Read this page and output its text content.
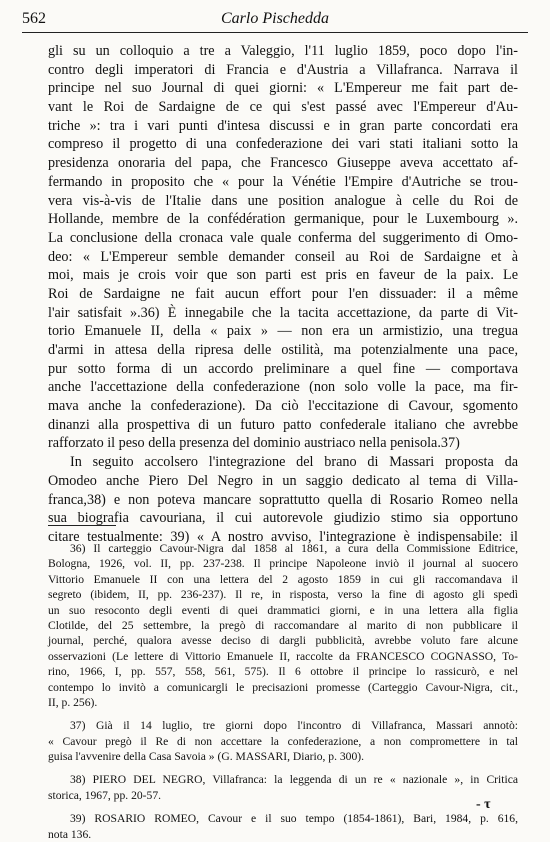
562	Carlo Pischedda
gli su un colloquio a tre a Valeggio, l'11 luglio 1859, poco dopo l'in-
contro degli imperatori di Francia e d'Austria a Villafranca. Narrava il
principe nel suo Journal di quei giorni: « L'Empereur me fait part de-
vant le Roi de Sardaigne de ce qui s'est passé avec l'Empereur d'Au-
triche »: tra i vari punti d'intesa discussi e in gran parte concordati era
compreso il progetto di una confederazione dei vari stati italiani sotto la
presidenza onoraria del papa, che Francesco Giuseppe aveva accettato af-
fermando in proposito che « pour la Vénétie l'Empire d'Autriche se trou-
vera vis-à-vis de l'Italie dans une position analogue à celle du Roi de
Hollande, membre de la confédération germanique, pour le Luxembourg ».
La conclusione della cronaca vale quale conferma del suggerimento di Omo-
deo: « L'Empereur semble demander conseil au Roi de Sardaigne et à
moi, mais je crois voir que son parti est pris en faveur de la paix. Le
Roi de Sardaigne ne fait aucun effort pour l'en dissuader: il a même
l'air satisfait ».36) È innegabile che la tacita accettazione, da parte di Vit-
torio Emanuele II, della « paix » — non era un armistizio, una tregua
d'armi in attesa della ripresa delle ostilità, ma potenzialmente una pace,
pur sotto forma di un accordo preliminare a quel fine — comportava
anche l'accettazione della confederazione (non solo volle la pace, ma fir-
mava anche la confederazione). Da ciò l'eccitazione di Cavour, sgomento
dinanzi alla prospettiva di un futuro patto confederale italiano che avrebbe
rafforzato il peso della presenza del dominio austriaco nella penisola.37)
In seguito accolsero l'integrazione del brano di Massari proposta da
Omodeo anche Piero Del Negro in un saggio dedicato al tema di Villa-
franca,38) e non poteva mancare soprattutto quella di Rosario Romeo nella
sua biografia cavouriana, il cui autorevole giudizio stimo sia opportuno
citare testualmente: 39) « A nostro avviso, l'integrazione è indispensabile: il
36) Il carteggio Cavour-Nigra dal 1858 al 1861, a cura della Commissione Editrice,
Bologna, 1926, vol. II, pp. 237-238. Il principe Napoleone inviò il journal al suocero
Vittorio Emanuele II con una lettera del 2 agosto 1859 in cui gli raccomandava il
segreto (ibidem, II, pp. 236-237). Il re, in risposta, verso la fine di agosto gli spedì
un suo resoconto degli eventi di quei drammatici giorni, e in una lettera alla figlia
Clotilde, del 25 settembre, la pregò di raccomandare al marito di non pubblicare il
journal, perché, qualora avesse deciso di dargli pubblicità, avrebbe voluto fare alcune
osservazioni (Le lettere di Vittorio Emanuele II, raccolte da FRANCESCO COGNASSO, To-
rino, 1966, I, pp. 557, 558, 561, 575). Il 6 ottobre il principe lo rassicurò, e nel
contempo lo invitò a comunicargli le precisazioni promesse (Carteggio Cavour-Nigra, cit.,
II, p. 256).
37) Già il 14 luglio, tre giorni dopo l'incontro di Villafranca, Massari annotò:
« Cavour pregò il Re di non accettare la confederazione, a non compromettere in tal
guisa l'avvenire della Casa Savoia » (G. MASSARI, Diario, p. 300).
38) PIERO DEL NEGRO, Villafranca: la leggenda di un re « nazionale », in Critica
storica, 1967, pp. 20-57.
39) ROSARIO ROMEO, Cavour e il suo tempo (1854-1861), Bari, 1984, p. 616,
nota 136.
- τ
